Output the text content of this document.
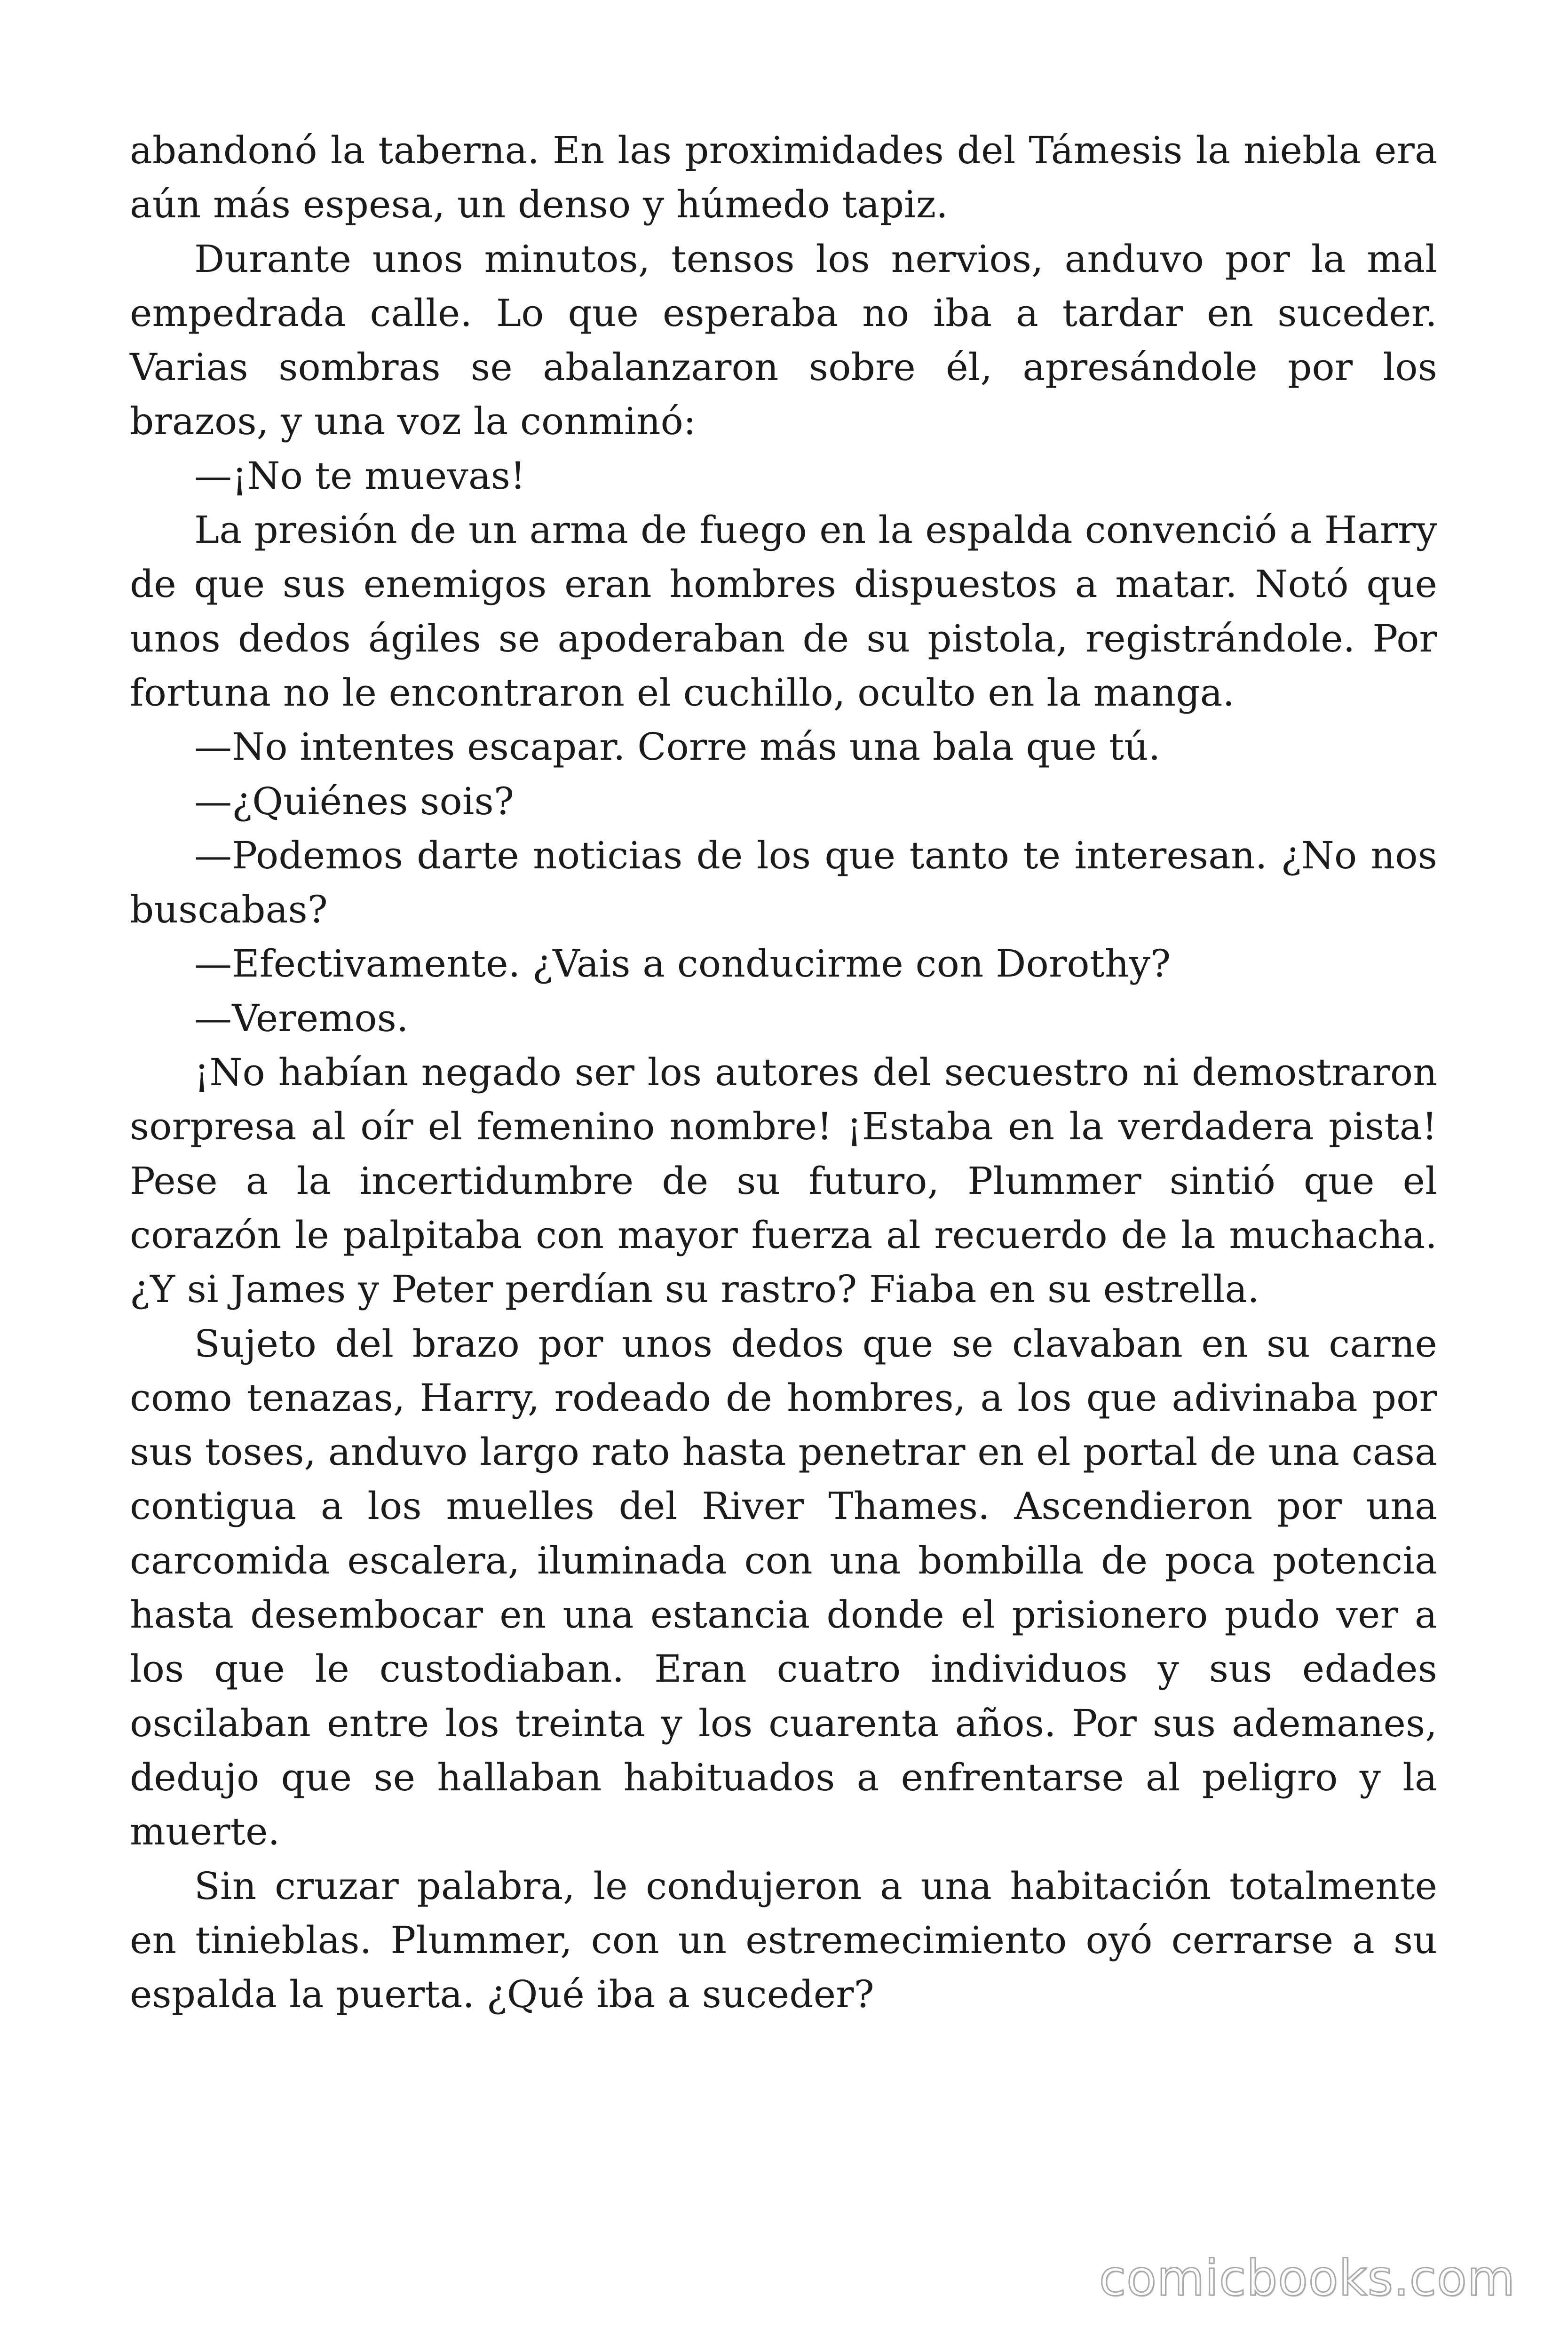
abandonó la taberna. En las proximidades del Támesis la niebla era aún más espesa, un denso y húmedo tapiz.

Durante unos minutos, tensos los nervios, anduvo por la mal empedrada calle. Lo que esperaba no iba a tardar en suceder. Varias sombras se abalanzaron sobre él, apresándole por los brazos, y una voz la conminó:

—¡No te muevas!

La presión de un arma de fuego en la espalda convenció a Harry de que sus enemigos eran hombres dispuestos a matar. Notó que unos dedos ágiles se apoderaban de su pistola, registrándole. Por fortuna no le encontraron el cuchillo, oculto en la manga.

—No intentes escapar. Corre más una bala que tú.

—¿Quiénes sois?

—Podemos darte noticias de los que tanto te interesan. ¿No nos buscabas?

—Efectivamente. ¿Vais a conducirme con Dorothy?

—Veremos.

¡No habían negado ser los autores del secuestro ni demostraron sorpresa al oír el femenino nombre! ¡Estaba en la verdadera pista! Pese a la incertidumbre de su futuro, Plummer sintió que el corazón le palpitaba con mayor fuerza al recuerdo de la muchacha. ¿Y si James y Peter perdían su rastro? Fiaba en su estrella.

Sujeto del brazo por unos dedos que se clavaban en su carne como tenazas, Harry, rodeado de hombres, a los que adivinaba por sus toses, anduvo largo rato hasta penetrar en el portal de una casa contigua a los muelles del River Thames. Ascendieron por una carcomida escalera, iluminada con una bombilla de poca potencia hasta desembocar en una estancia donde el prisionero pudo ver a los que le custodiaban. Eran cuatro individuos y sus edades oscilaban entre los treinta y los cuarenta años. Por sus ademanes, dedujo que se hallaban habituados a enfrentarse al peligro y la muerte.

Sin cruzar palabra, le condujeron a una habitación totalmente en tinieblas. Plummer, con un estremecimiento oyó cerrarse a su espalda la puerta. ¿Qué iba a suceder?

comicbooks.com
